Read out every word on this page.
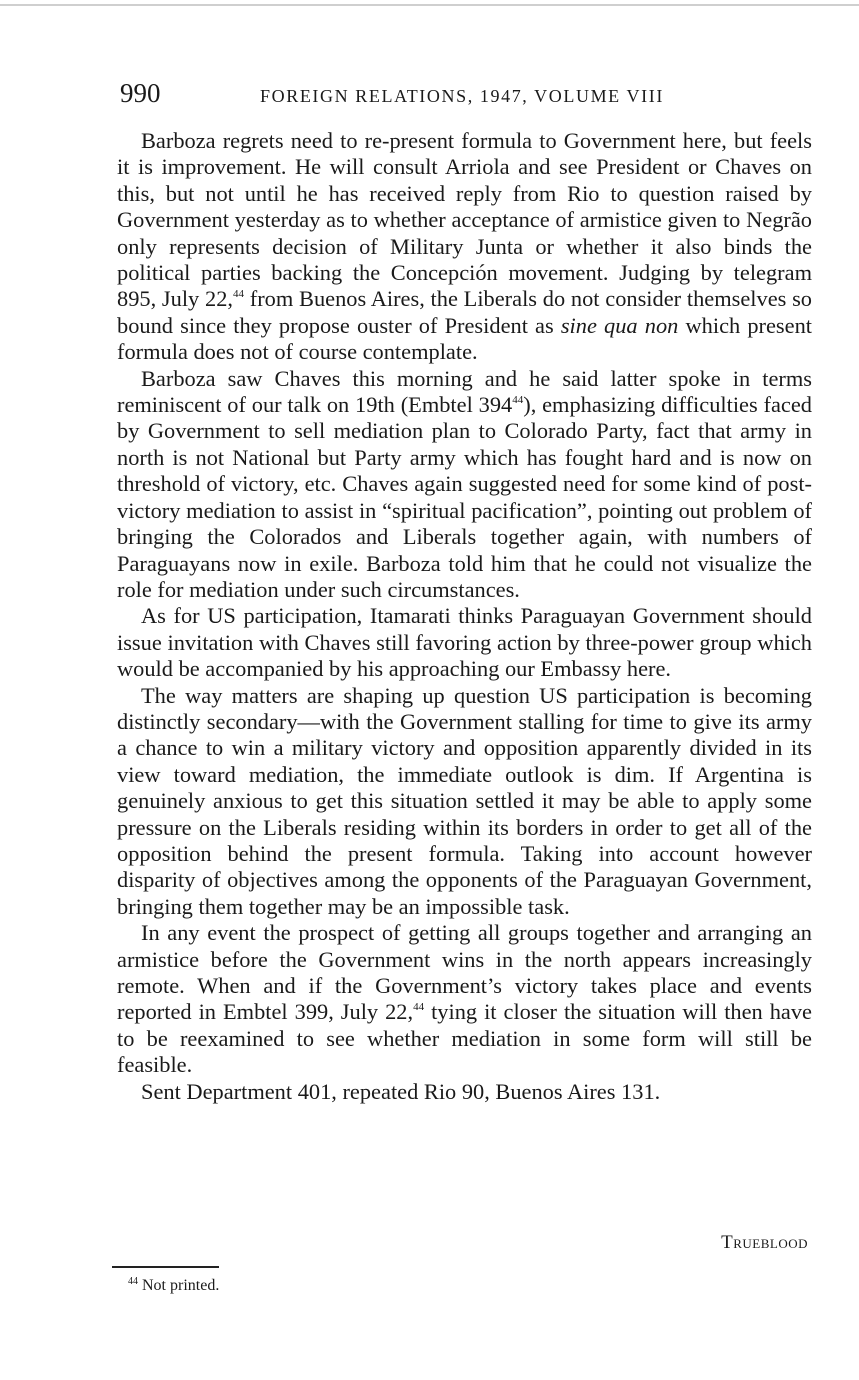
990	FOREIGN RELATIONS, 1947, VOLUME VIII

Barboza regrets need to re-present formula to Government here, but feels it is improvement. He will consult Arriola and see President or Chaves on this, but not until he has received reply from Rio to question raised by Government yesterday as to whether acceptance of armistice given to Negrão only represents decision of Military Junta or whether it also binds the political parties backing the Concepción movement. Judging by telegram 895, July 22,44 from Buenos Aires, the Liberals do not consider themselves so bound since they propose ouster of President as sine qua non which present formula does not of course contemplate.

Barboza saw Chaves this morning and he said latter spoke in terms reminiscent of our talk on 19th (Embtel $394^{44}$), emphasizing difficulties faced by Government to sell mediation plan to Colorado Party, fact that army in north is not National but Party army which has fought hard and is now on threshold of victory, etc. Chaves again suggested need for some kind of post-victory mediation to assist in “spiritual pacification”, pointing out problem of bringing the Colorados and Liberals together again, with numbers of Paraguayans now in exile. Barboza told him that he could not visualize the role for mediation under such circumstances.

As for US participation, Itamarati thinks Paraguayan Government should issue invitation with Chaves still favoring action by three-power group which would be accompanied by his approaching our Embassy here.

The way matters are shaping up question US participation is becoming distinctly secondary—with the Government stalling for time to give its army a chance to win a military victory and opposition apparently divided in its view toward mediation, the immediate outlook is dim. If Argentina is genuinely anxious to get this situation settled it may be able to apply some pressure on the Liberals residing within its borders in order to get all of the opposition behind the present formula. Taking into account however disparity of objectives among the opponents of the Paraguayan Government, bringing them together may be an impossible task.

In any event the prospect of getting all groups together and arranging an armistice before the Government wins in the north appears increasingly remote. When and if the Government’s victory takes place and events reported in Embtel 399, July 22,44 tying it closer the situation will then have to be reexamined to see whether mediation in some form will still be feasible.

Sent Department 401, repeated Rio 90, Buenos Aires 131.

Trueblood
$^{44}$ Not printed.
